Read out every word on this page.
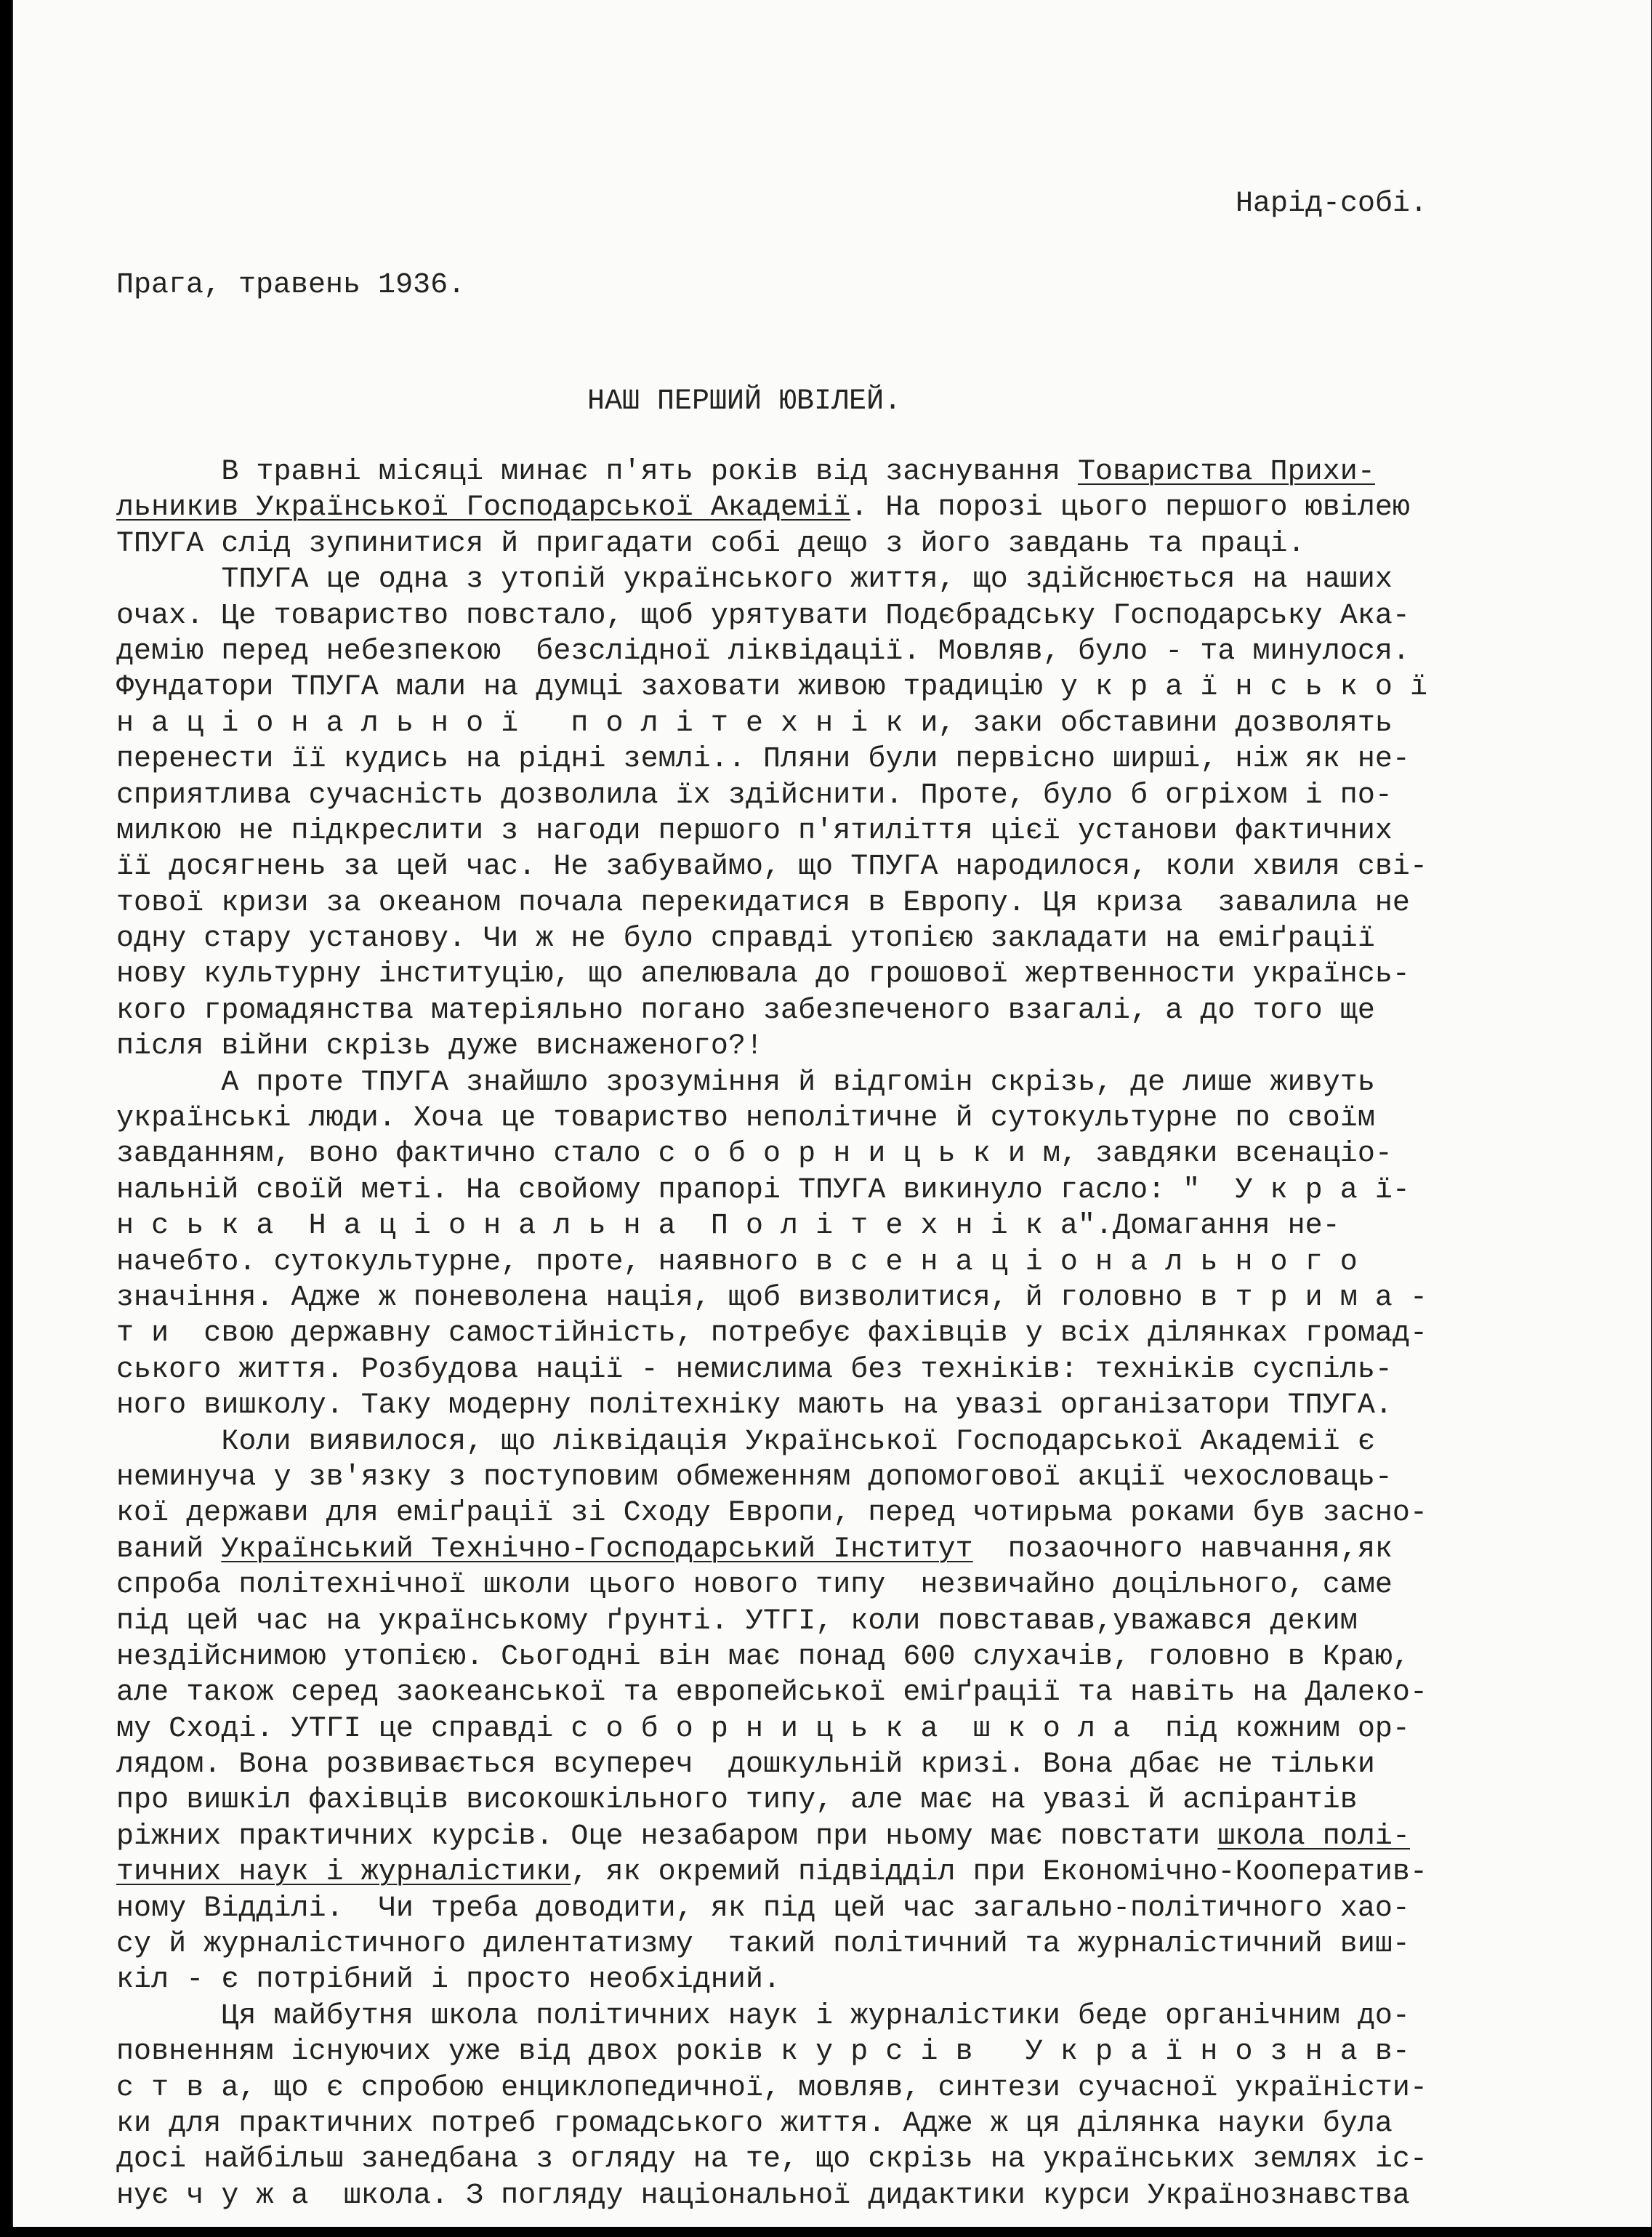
Нарід-собі.
Прага, травень 1936.
НАШ ПЕРШИЙ ЮВІЛЕЙ.
В травні місяці минає п'ять років від заснування Товариства Прихи-
льникив Української Господарської Академії. На порозі цього першого ювілею
ТПУГА слід зупинитися й пригадати собі дещо з його завдань та праці.
ТПУГА це одна з утопій українського життя, що здійснюється на наших
очах. Це товариство повстало, щоб урятувати Подєбрадську Господарську Ака-
демію перед небезпекою  безслідної ліквідації. Мовляв, було - та минулося.
Фундатори ТПУГА мали на думці заховати живою традицію у к р а ї н с ь к о ї
н а ц і о н а л ь н о ї   п о л і т е х н і к и, заки обставини дозволять
перенести її кудись на рідні землі.. Пляни були первісно ширші, ніж як не-
сприятлива сучасність дозволила їх здійснити. Проте, було б огріхом і по-
милкою не підкреслити з нагоди першого п'ятиліття цієї установи фактичних
її досягнень за цей час. Не забуваймо, що ТПУГА народилося, коли хвиля сві-
тової кризи за океаном почала перекидатися в Европу. Ця криза  завалила не
одну стару установу. Чи ж не було справді утопією закладати на еміґрації
нову культурну інституцію, що апелювала до грошової жертвенности українсь-
кого громадянства матеріяльно погано забезпеченого взагалі, а до того ще
після війни скрізь дуже виснаженого?!
А проте ТПУГА знайшло зрозуміння й відгомін скрізь, де лише живуть
українські люди. Хоча це товариство неполітичне й сутокультурне по своїм
завданням, воно фактично стало с о б о р н и ц ь к и м, завдяки всенаціо-
нальній своїй меті. На свойому прапорі ТПУГА викинуло гасло: "  У к р а ї-
н с ь к а  Н а ц і о н а л ь н а  П о л і т е х н і к а".Домагання не-
начебто. сутокультурне, проте, наявного в с е н а ц і о н а л ь н о г о
значіння. Адже ж поневолена нація, щоб визволитися, й головно в т р и м а -
т и  свою державну самостійність, потребує фахівців у всіх ділянках громад-
ського життя. Розбудова нації - немислима без техніків: техніків суспіль-
ного вишколу. Таку модерну політехніку мають на увазі організатори ТПУГА.
Коли виявилося, що ліквідація Української Господарської Академії є
неминуча у зв'язку з поступовим обмеженням допомогової акції чехословаць-
кої держави для еміґрації зі Сходу Европи, перед чотирьма роками був засно-
ваний Український Технічно-Господарський Інститут  позаочного навчання,як
спроба політехнічної школи цього нового типу  незвичайно доцільного, саме
під цей час на українському ґрунті. УТГІ, коли повставав,уважався деким
нездійснимою утопією. Сьогодні він має понад 600 слухачів, головно в Краю,
але також серед заокеанської та европейської еміґрації та навіть на Далеко-
му Сході. УТГІ це справді с о б о р н и ц ь к а  ш к о л а  під кожним ор-
лядом. Вона розвивається всупереч  дошкульній кризі. Вона дбає не тільки
про вишкіл фахівців високошкільного типу, але має на увазі й аспірантів
ріжних практичних курсів. Оце незабаром при ньому має повстати школа полі-
тичних наук і журналістики, як окремий підвідділ при Економічно-Кооператив-
ному Відділі.  Чи треба доводити, як під цей час загально-політичного хао-
су й журналістичного дилентатизму  такий політичний та журналістичний виш-
кіл - є потрібний і просто необхідний.
Ця майбутня школа політичних наук і журналістики беде органічним до-
повненням існуючих уже від двох років к у р с і в   У к р а ї н о з н а в-
с т в а, що є спробою енциклопедичної, мовляв, синтези сучасної україністи-
ки для практичних потреб громадського життя. Адже ж ця ділянка науки була
досі найбільш занедбана з огляду на те, що скрізь на українських землях іс-
нує ч у ж а  школа. З погляду національної дидактики курси Українознавства
